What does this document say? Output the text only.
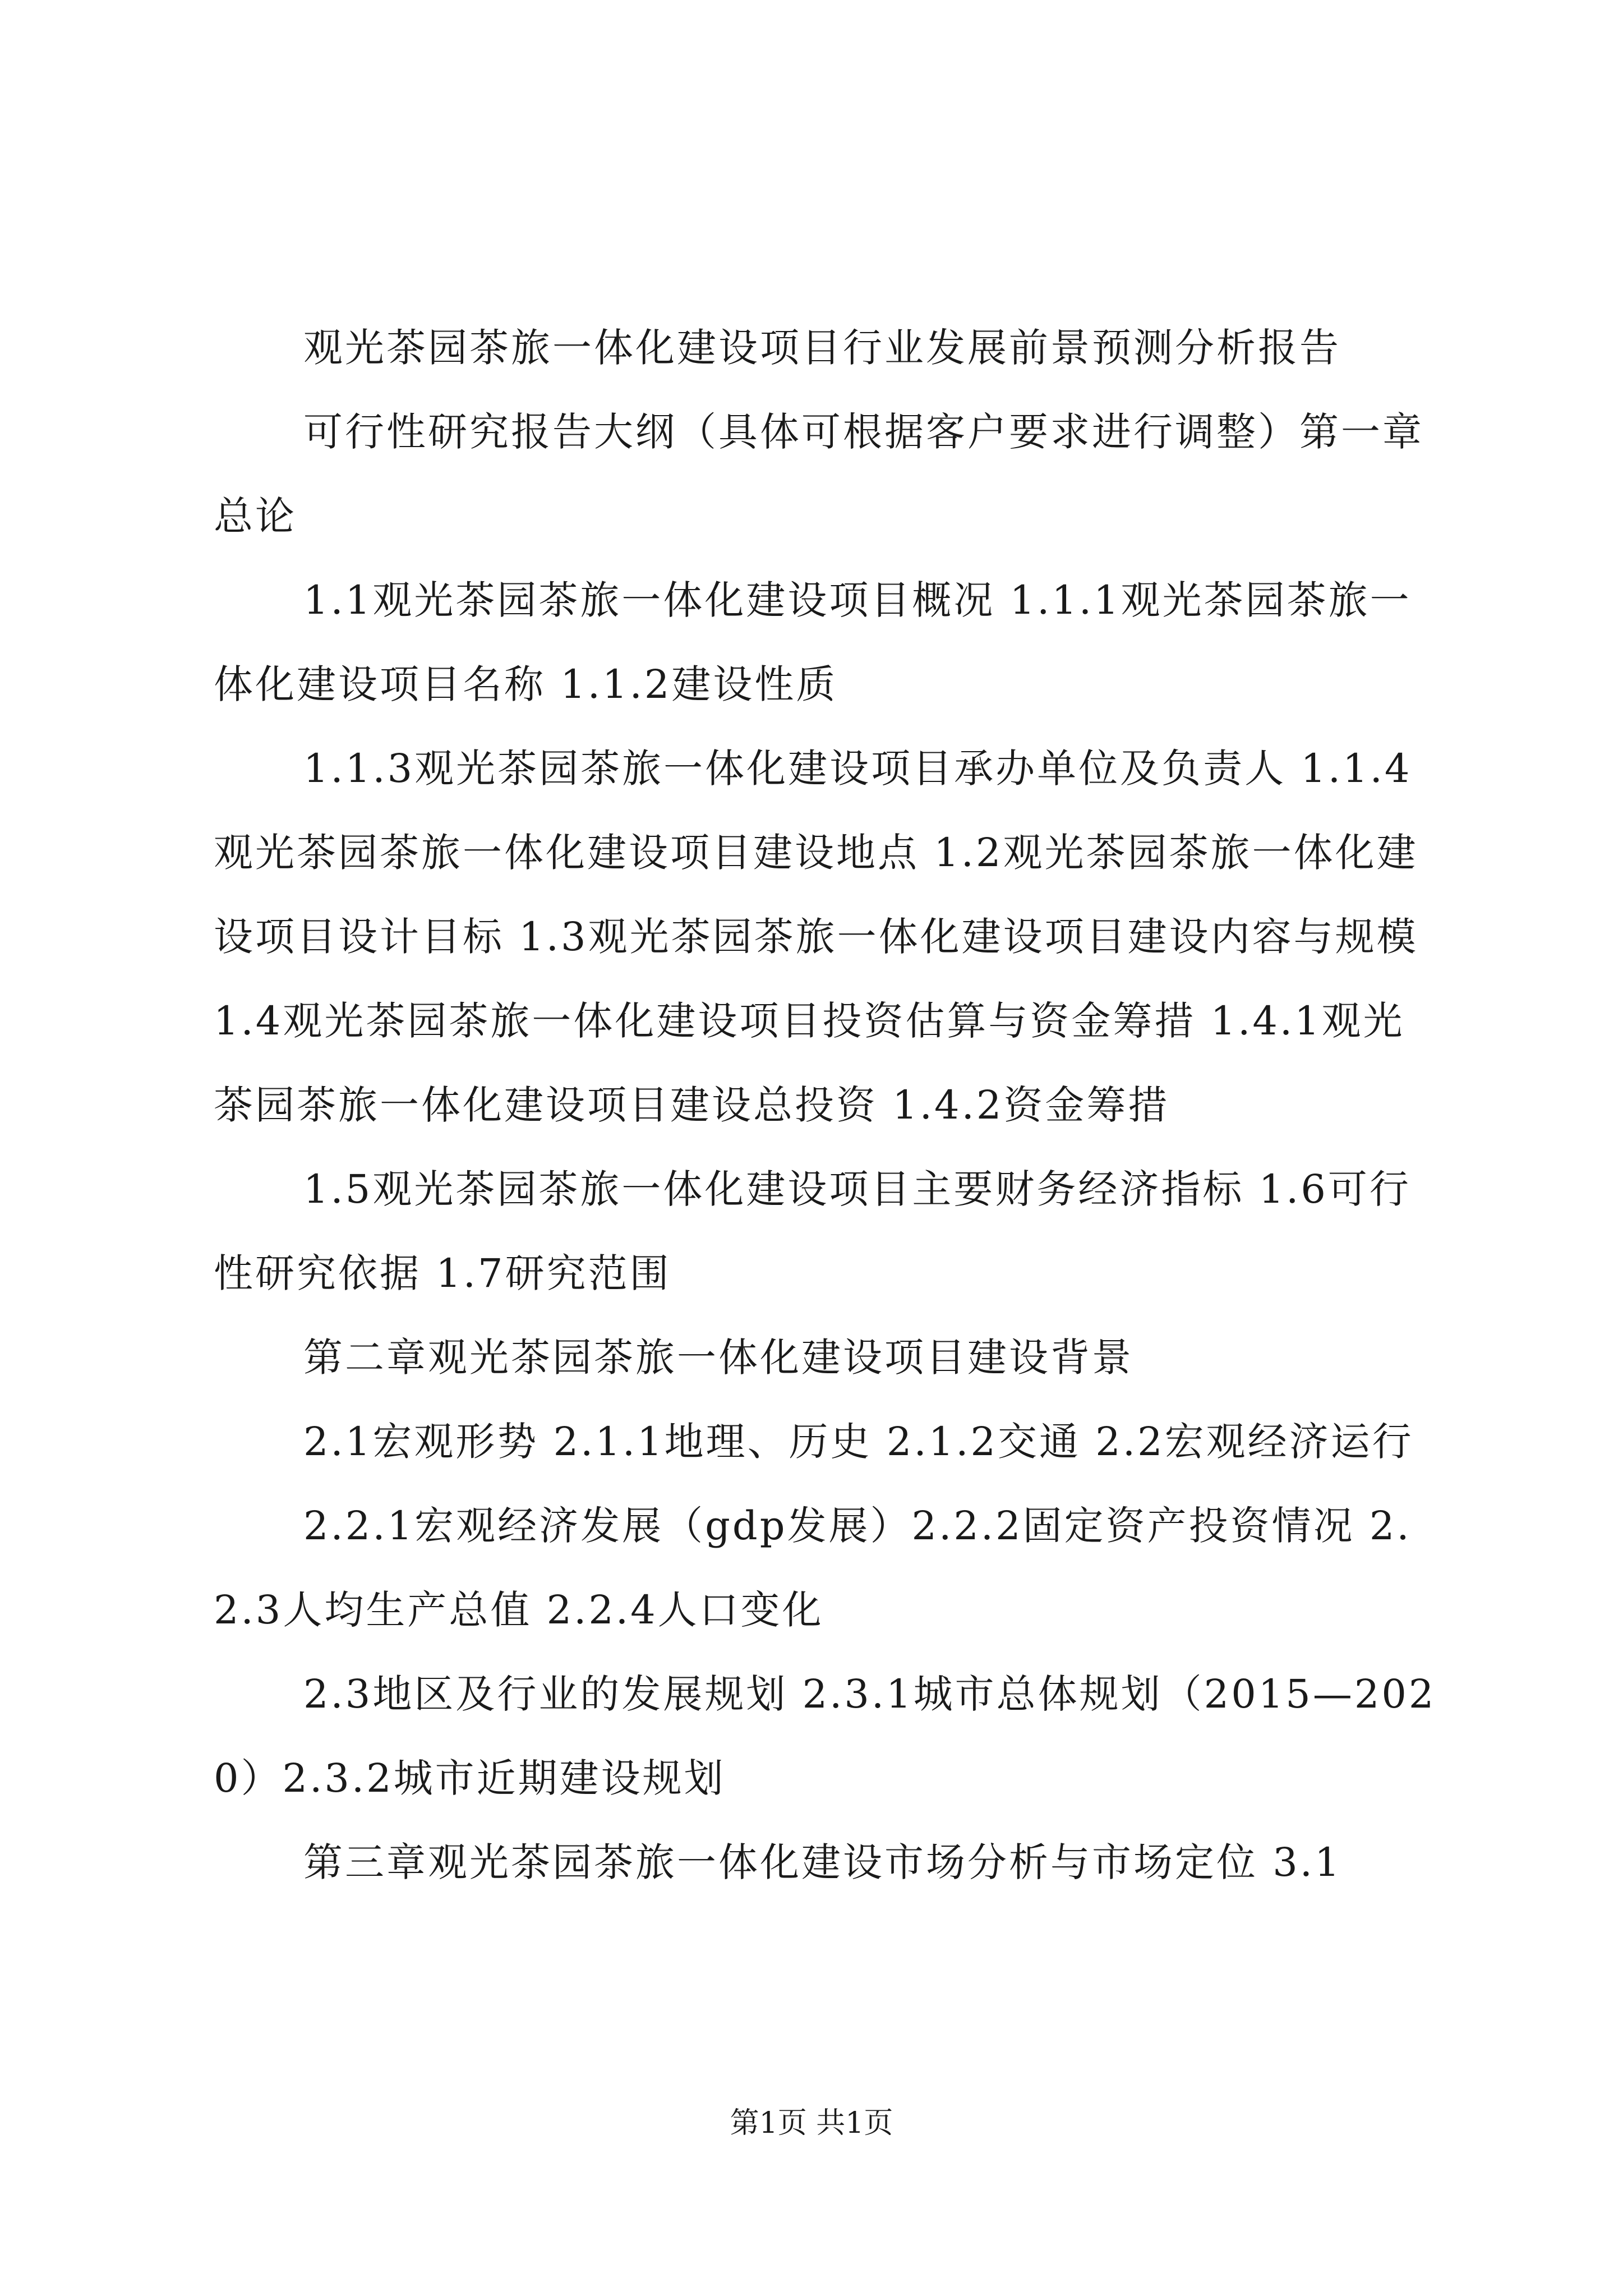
观光茶园茶旅一体化建设项目行业发展前景预测分析报告

可行性研究报告大纲（具体可根据客户要求进行调整）第一章总论

1.1观光茶园茶旅一体化建设项目概况 1.1.1观光茶园茶旅一体化建设项目名称 1.1.2建设性质

1.1.3观光茶园茶旅一体化建设项目承办单位及负责人 1.1.4观光茶园茶旅一体化建设项目建设地点 1.2观光茶园茶旅一体化建设项目设计目标 1.3观光茶园茶旅一体化建设项目建设内容与规模 1.4观光茶园茶旅一体化建设项目投资估算与资金筹措 1.4.1观光茶园茶旅一体化建设项目建设总投资 1.4.2资金筹措

1.5观光茶园茶旅一体化建设项目主要财务经济指标 1.6可行性研究依据 1.7研究范围

第二章观光茶园茶旅一体化建设项目建设背景

2.1宏观形势 2.1.1地理、历史 2.1.2交通 2.2宏观经济运行

2.2.1宏观经济发展（gdp发展）2.2.2固定资产投资情况 2.2.3人均生产总值 2.2.4人口变化

2.3地区及行业的发展规划 2.3.1城市总体规划（2015—2020）2.3.2城市近期建设规划

第三章观光茶园茶旅一体化建设市场分析与市场定位 3.1

第1页 共1页
